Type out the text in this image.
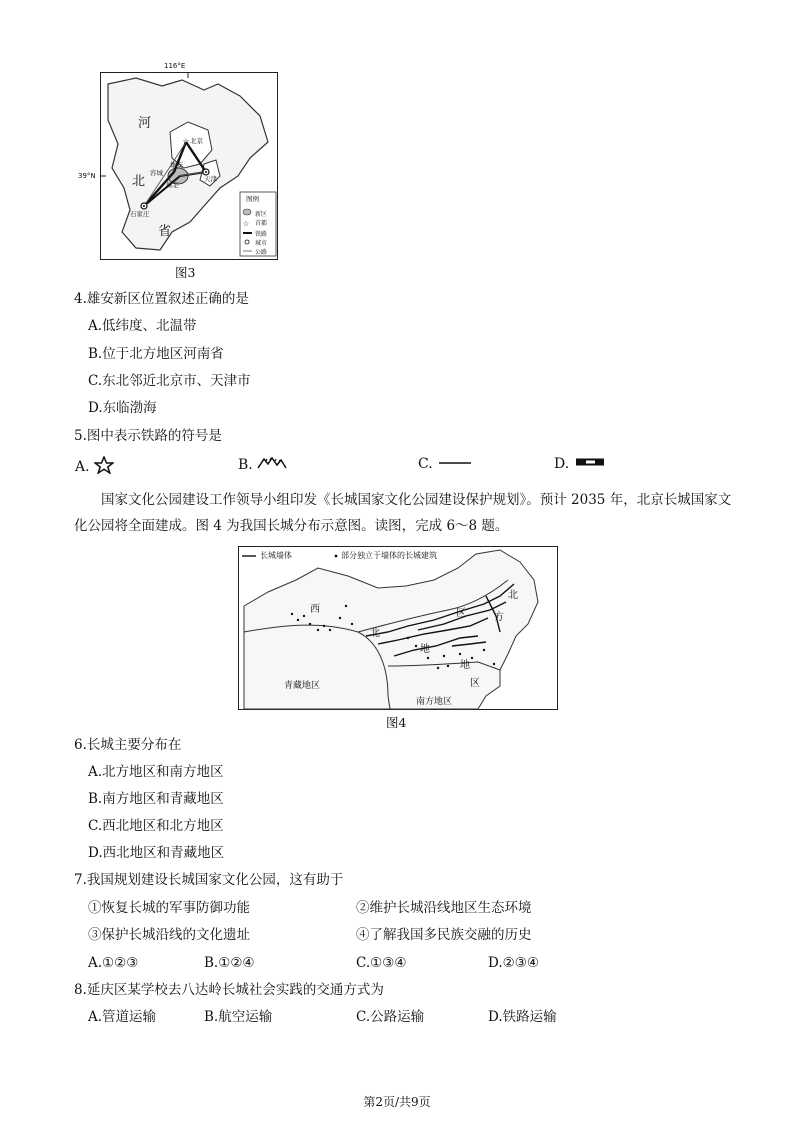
☆
☆
116°E
39°N
河
北
省
北京
天津
石家庄
容城
雄安
保定
图例
新区
首都
铁路
城市
公路
图3
4.雄安新区位置叙述正确的是
A.低纬度、北温带
B.位于北方地区河南省
C.东北邻近北京市、天津市
D.东临渤海
5.图中表示铁路的符号是
A.	B.	C.	D.
国家文化公园建设工作领导小组印发《长城国家文化公园建设保护规划》。预计 2035 年，北京长城国家文化公园将全面建成。图 4 为我国长城分布示意图。读图，完成 6～8 题。
长城墙体	部分独立于墙体的长城建筑
西
北
区
北
方
地
地
区
青藏地区
南方地区
图4
6.长城主要分布在
A.北方地区和南方地区
B.南方地区和青藏地区
C.西北地区和北方地区
D.西北地区和青藏地区
7.我国规划建设长城国家文化公园，这有助于
①恢复长城的军事防御功能	②维护长城沿线地区生态环境
③保护长城沿线的文化遗址	④了解我国多民族交融的历史
A.①②③	B.①②④	C.①③④	D.②③④
8.延庆区某学校去八达岭长城社会实践的交通方式为
A.管道运输	B.航空运输	C.公路运输	D.铁路运输
第2页/共9页
